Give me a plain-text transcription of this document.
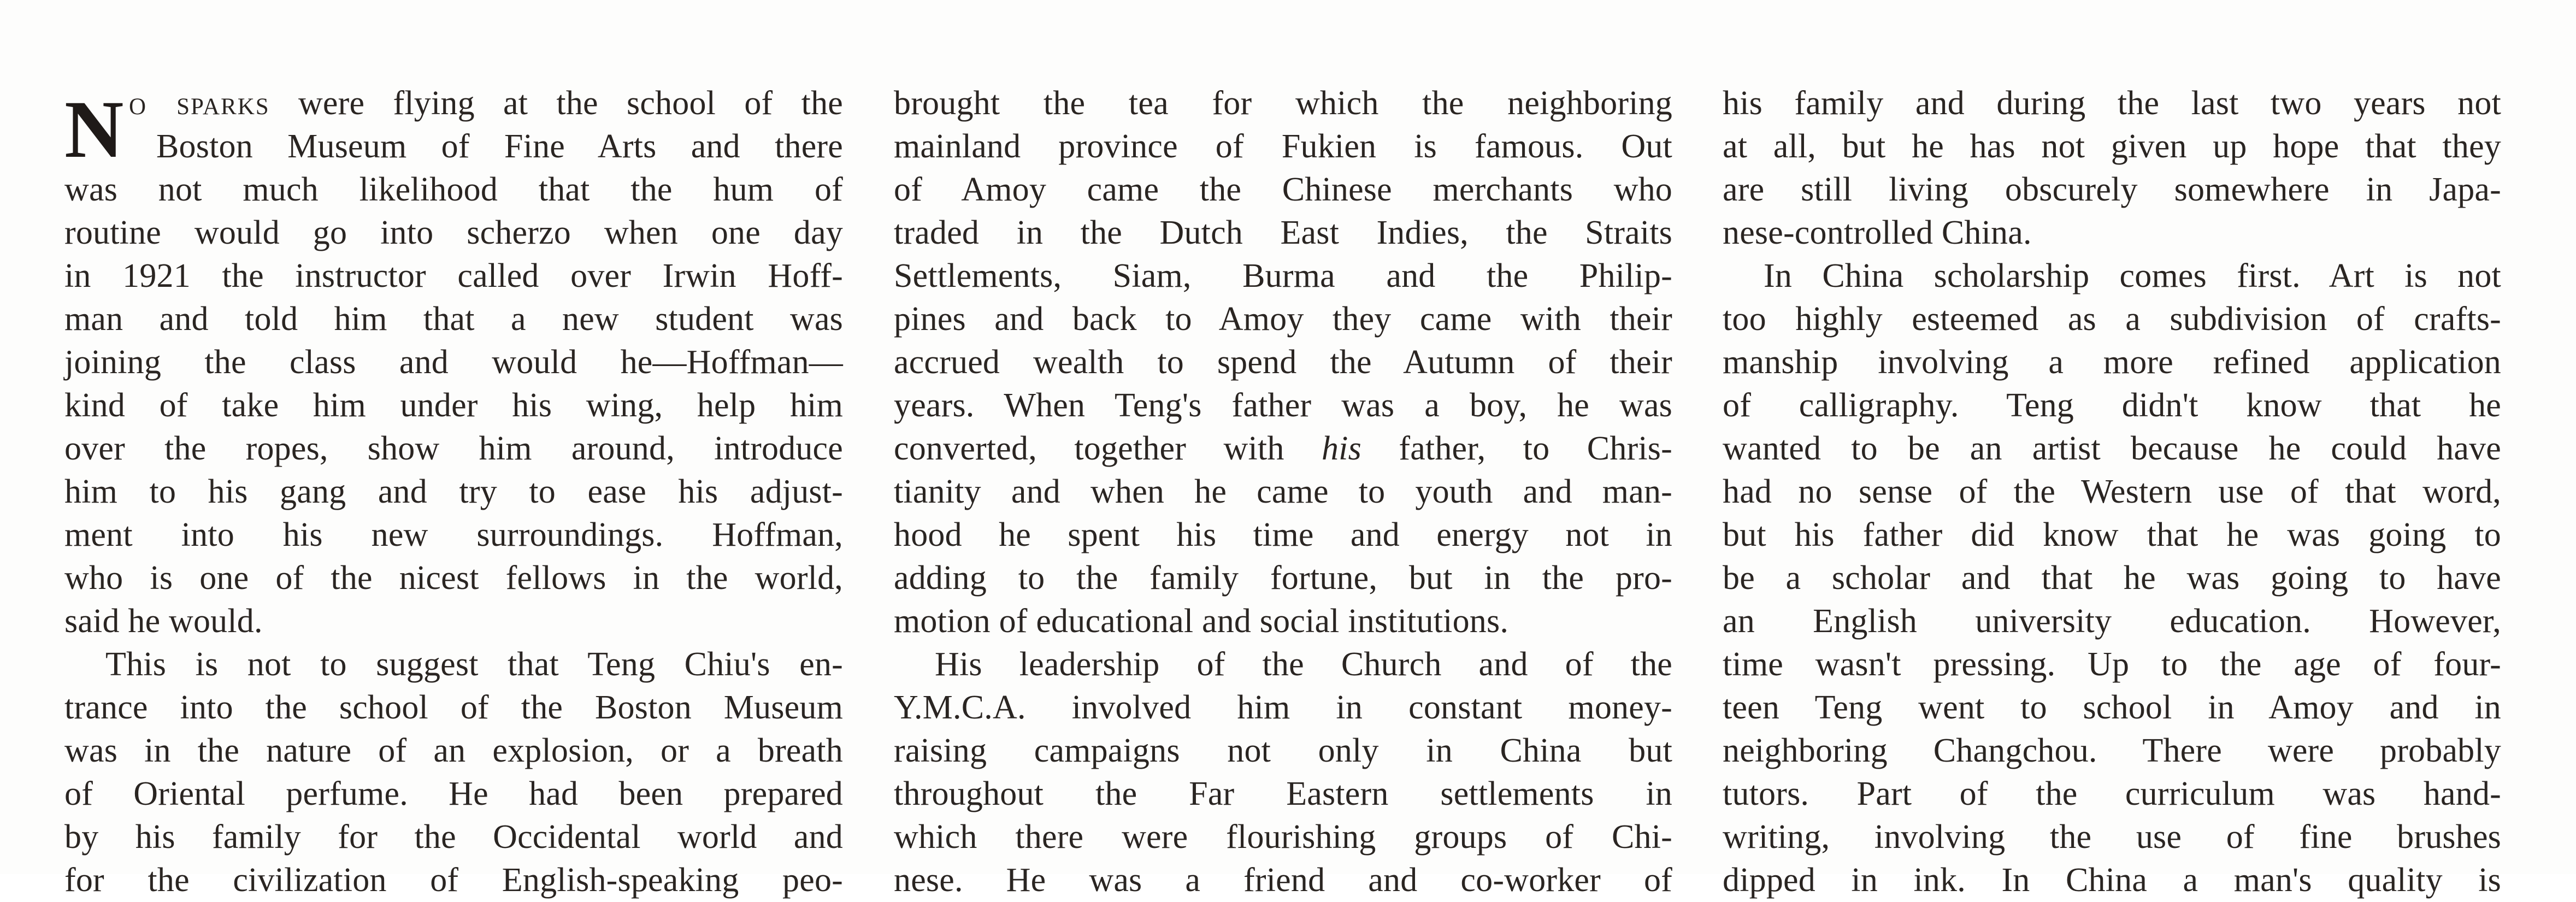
N o sparks were flying at the school of the
Boston Museum of Fine Arts and there
was not much likelihood that the hum of
routine would go into scherzo when one day
in 1921 the instructor called over Irwin Hoff-
man and told him that a new student was
joining the class and would he—Hoffman—
kind of take him under his wing, help him
over the ropes, show him around, introduce
him to his gang and try to ease his adjust-
ment into his new surroundings. Hoffman,
who is one of the nicest fellows in the world,
said he would.
This is not to suggest that Teng Chiu's en-
trance into the school of the Boston Museum
was in the nature of an explosion, or a breath
of Oriental perfume. He had been prepared
by his family for the Occidental world and
for the civilization of English-speaking peo-
brought the tea for which the neighboring
mainland province of Fukien is famous. Out
of Amoy came the Chinese merchants who
traded in the Dutch East Indies, the Straits
Settlements, Siam, Burma and the Philip-
pines and back to Amoy they came with their
accrued wealth to spend the Autumn of their
years. When Teng's father was a boy, he was
converted, together with his father, to Chris-
tianity and when he came to youth and man-
hood he spent his time and energy not in
adding to the family fortune, but in the pro-
motion of educational and social institutions.
His leadership of the Church and of the
Y.M.C.A. involved him in constant money-
raising campaigns not only in China but
throughout the Far Eastern settlements in
which there were flourishing groups of Chi-
nese. He was a friend and co-worker of
his family and during the last two years not
at all, but he has not given up hope that they
are still living obscurely somewhere in Japa-
nese-controlled China.
In China scholarship comes first. Art is not
too highly esteemed as a subdivision of crafts-
manship involving a more refined application
of calligraphy. Teng didn't know that he
wanted to be an artist because he could have
had no sense of the Western use of that word,
but his father did know that he was going to
be a scholar and that he was going to have
an English university education. However,
time wasn't pressing. Up to the age of four-
teen Teng went to school in Amoy and in
neighboring Changchou. There were probably
tutors. Part of the curriculum was hand-
writing, involving the use of fine brushes
dipped in ink. In China a man's quality is
